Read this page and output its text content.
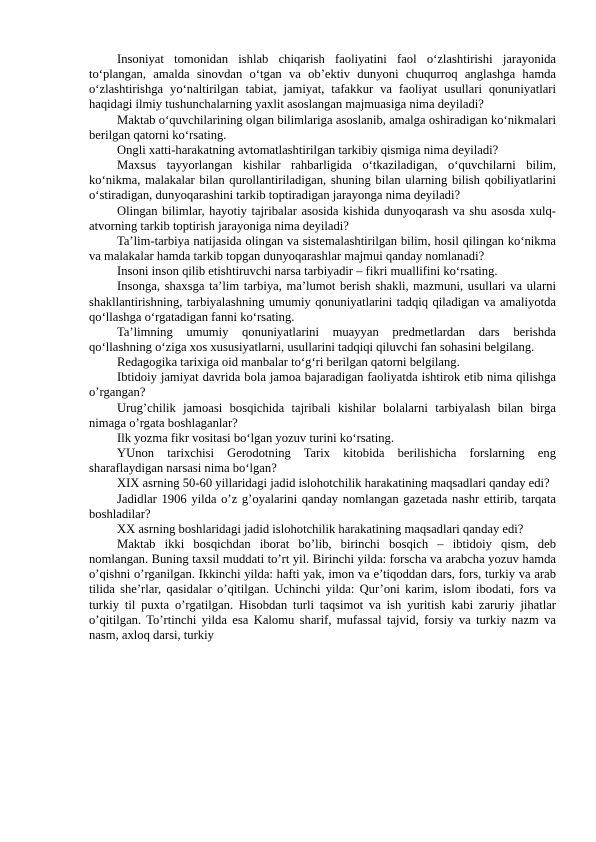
Insoniyat tomonidan ishlab chiqarish faoliyatini faol o‘zlashtirishi jarayonida to‘plangan, amalda sinovdan o‘tgan va ob’ektiv dunyoni chuqurroq anglashga hamda o‘zlashtirishga yo‘naltirilgan tabiat, jamiyat, tafakkur va faoliyat usullari qonuniyatlari haqidagi ilmiy tushunchalarning yaxlit asoslangan majmuasiga nima deyiladi?

Maktab o‘quvchilarining olgan bilimlariga asoslanib, amalga oshiradigan ko‘nikmalari berilgan qatorni ko‘rsating.

Ongli xatti-harakatning avtomatlashtirilgan tarkibiy qismiga nima deyiladi?

Maxsus tayyorlangan kishilar rahbarligida o‘tkaziladigan, o‘quvchilarni bilim, ko‘nikma, malakalar bilan qurollantiriladigan, shuning bilan ularning bilish qobiliyatlarini o‘stiradigan, dunyoqarashini tarkib toptiradigan jarayonga nima deyiladi?

Olingan bilimlar, hayotiy tajribalar asosida kishida dunyoqarash va shu asosda xulq-atvorning tarkib toptirish jarayoniga nima deyiladi?

Ta’lim-tarbiya natijasida olingan va sistemalashtirilgan bilim, hosil qilingan ko‘nikma va malakalar hamda tarkib topgan dunyoqarashlar majmui qanday nomlanadi?

Insoni inson qilib etishtiruvchi narsa tarbiyadir – fikri muallifini ko‘rsating.

Insonga, shaxsga ta’lim tarbiya, ma’lumot berish shakli, mazmuni, usullari va ularni shakllantirishning, tarbiyalashning umumiy qonuniyatlarini tadqiq qiladigan va amaliyotda qo‘llashga o‘rgatadigan fanni ko‘rsating.

Ta’limning umumiy qonuniyatlarini muayyan predmetlardan dars berishda qo‘llashning o‘ziga xos xususiyatlarni, usullarini tadqiqi qiluvchi fan sohasini belgilang.

Redagogika tarixiga oid manbalar to‘g‘ri berilgan qatorni belgilang.

Ibtidoiy jamiyat davrida bola jamoa bajaradigan faoliyatda ishtirok etib nima qilishga o’rgangan?

Urug’chilik jamoasi bosqichida tajribali kishilar bolalarni tarbiyalash bilan birga nimaga o’rgata boshlaganlar?

Ilk yozma fikr vositasi bo‘lgan yozuv turini ko‘rsating.

YUnon tarixchisi Gerodotning Tarix kitobida berilishicha forslarning eng sharaflaydigan narsasi nima bo‘lgan?

XIX asrning 50-60 yillaridagi jadid islohotchilik harakatining maqsadlari qanday edi?

Jadidlar 1906 yilda o’z g’oyalarini qanday nomlangan gazetada nashr ettirib, tarqata boshladilar?

XX asrning boshlaridagi jadid islohotchilik harakatining maqsadlari qanday edi?

Maktab ikki bosqichdan iborat bo’lib, birinchi bosqich – ibtidoiy qism, deb nomlangan. Buning taxsil muddati to’rt yil. Birinchi yilda: forscha va arabcha yozuv hamda o’qishni o’rganilgan. Ikkinchi yilda: hafti yak, imon va e’tiqoddan dars, fors, turkiy va arab tilida she’rlar, qasidalar o’qitilgan. Uchinchi yilda: Qur’oni karim, islom ibodati, fors va turkiy til puxta o’rgatilgan. Hisobdan turli taqsimot va ish yuritish kabi zaruriy jihatlar o’qitilgan. To’rtinchi yilda esa Kalomu sharif, mufassal tajvid, forsiy va turkiy nazm va nasm, axloq darsi, turkiy
